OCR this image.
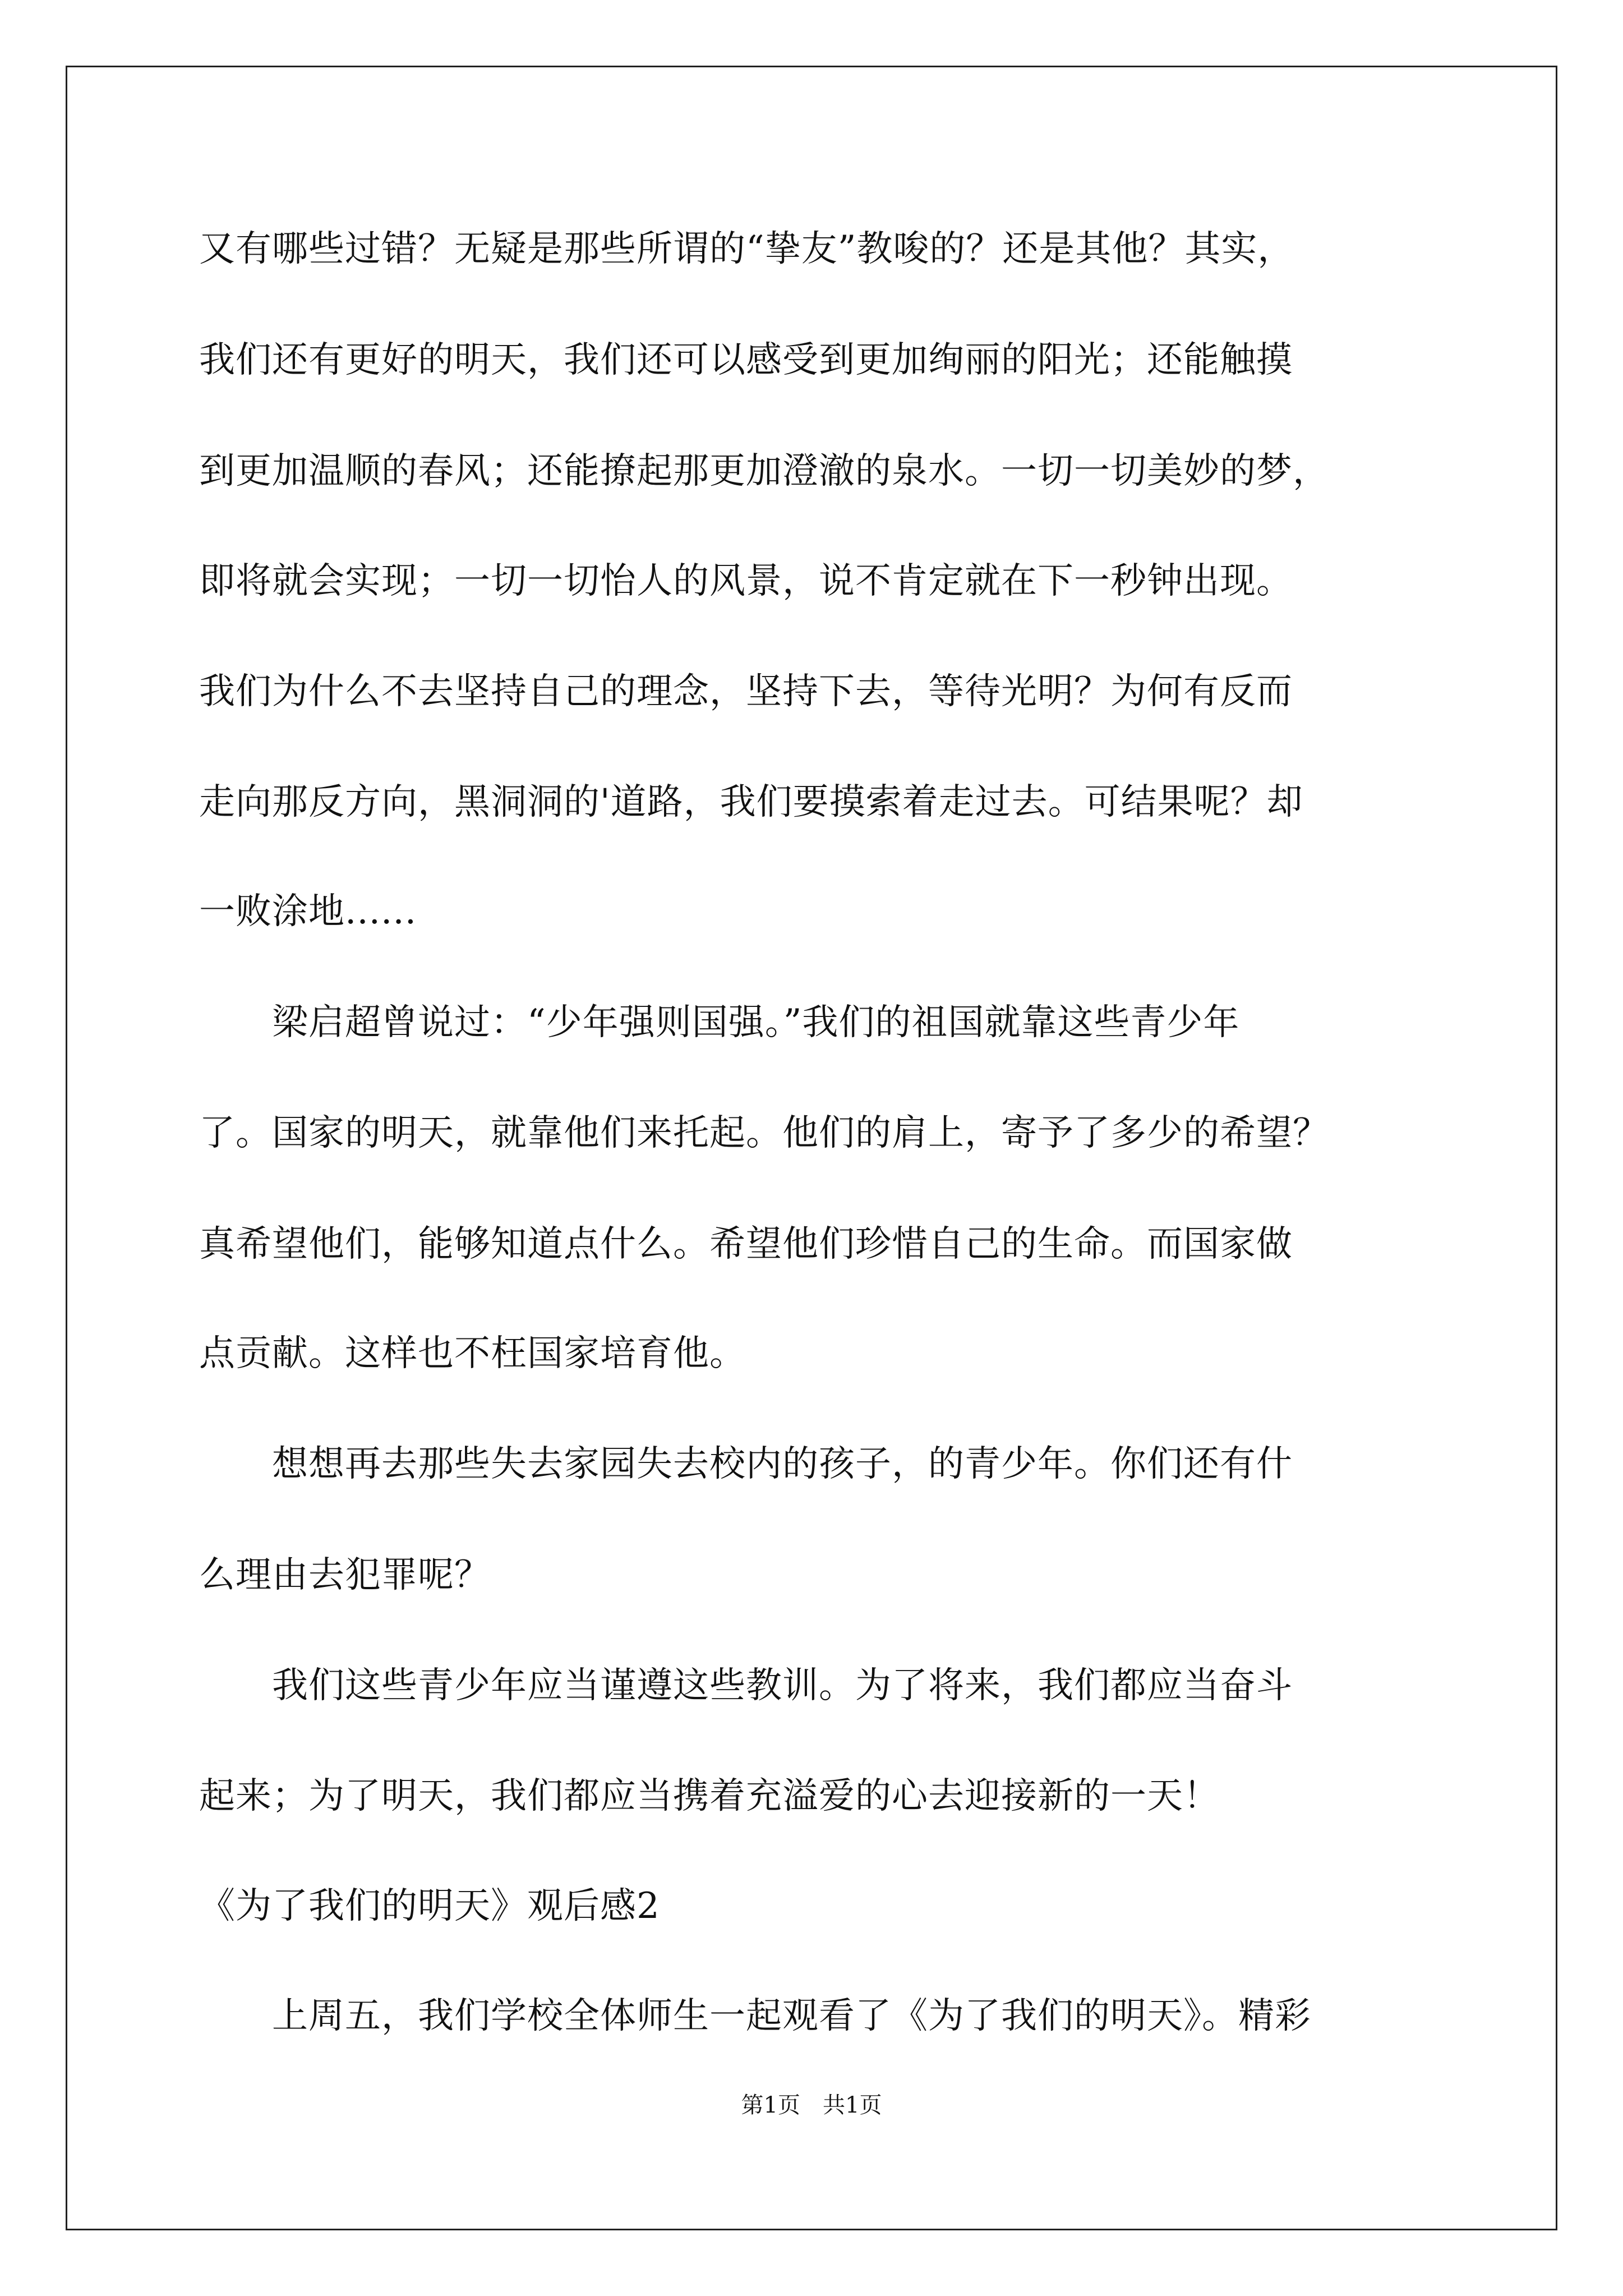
又有哪些过错？无疑是那些所谓的“挚友”教唆的？还是其他？其实，
我们还有更好的明天，我们还可以感受到更加绚丽的阳光；还能触摸
到更加温顺的春风；还能撩起那更加澄澈的泉水。一切一切美妙的梦，
即将就会实现；一切一切怡人的风景，说不肯定就在下一秒钟出现。
我们为什么不去坚持自己的理念，坚持下去，等待光明？为何有反而
走向那反方向，黑洞洞的'道路，我们要摸索着走过去。可结果呢？却
一败涂地......
　　梁启超曾说过：“少年强则国强。”我们的祖国就靠这些青少年
了。国家的明天，就靠他们来托起。他们的肩上，寄予了多少的希望？
真希望他们，能够知道点什么。希望他们珍惜自己的生命。而国家做
点贡献。这样也不枉国家培育他。
　　想想再去那些失去家园失去校内的孩子，的青少年。你们还有什
么理由去犯罪呢？
　　我们这些青少年应当谨遵这些教训。为了将来，我们都应当奋斗
起来；为了明天，我们都应当携着充溢爱的心去迎接新的一天！
《为了我们的明天》观后感2
　　上周五，我们学校全体师生一起观看了《为了我们的明天》。精彩
第1页　共1页
